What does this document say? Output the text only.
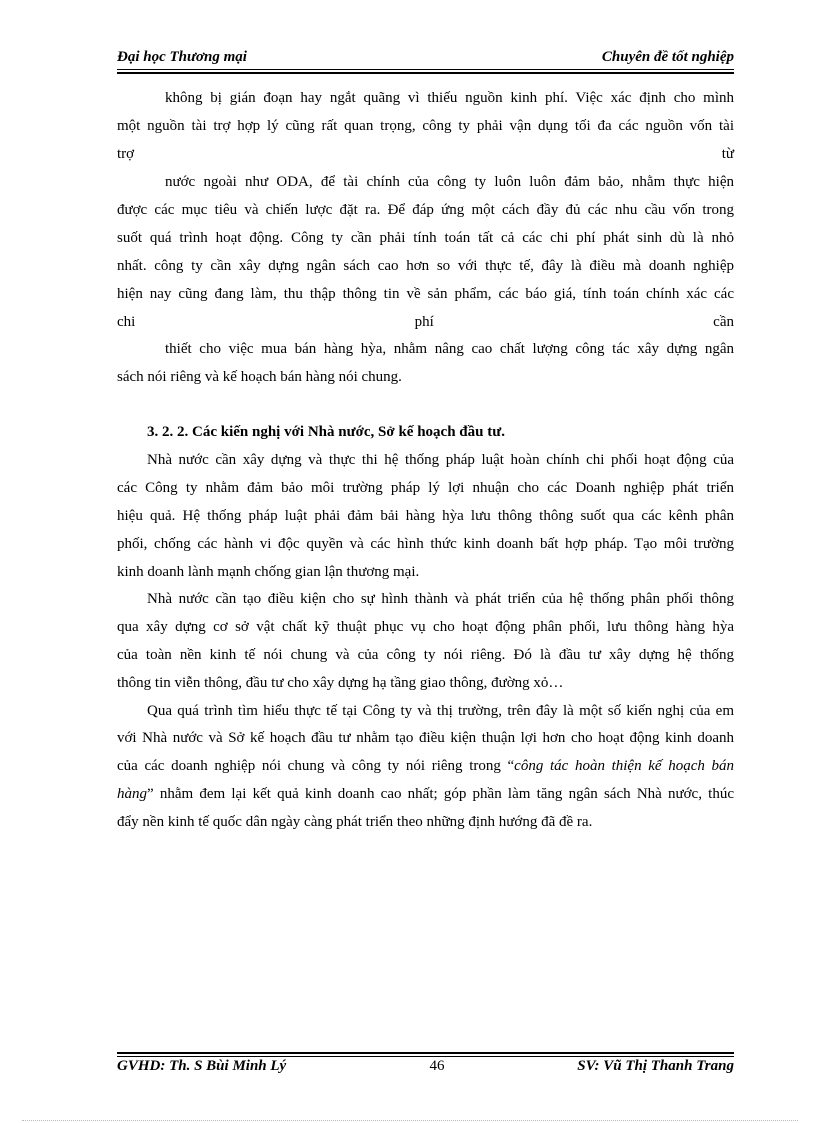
Đại học Thương mại	Chuyên đề tốt nghiệp
không bị gián đoạn hay ngắt quãng vì thiếu nguồn kinh phí. Việc xác định cho mình
một nguồn tài trợ hợp lý cũng rất quan trọng, công ty phải vận dụng tối đa các nguồn vốn tài
trợ từ
nước ngoài như ODA, để tài chính của công ty luôn luôn đảm bảo, nhằm thực hiện
được các mục tiêu và chiến lược đặt ra. Để đáp ứng một cách đầy đủ các nhu cầu vốn trong
suốt quá trình hoạt động. Công ty cần phải tính toán tất cả các chi phí phát sinh dù là nhỏ
nhất. công ty cần xây dựng ngân sách cao hơn so với thực tế, đây là điều mà doanh nghiệp
hiện nay cũng đang làm, thu thập thông tin về sản phẩm, các báo giá, tính toán chính xác các
chi phí cần
thiết cho việc mua bán hàng hỳa, nhằm nâng cao chất lượng công tác xây dựng ngân
sách nói riêng và kế hoạch bán hàng nói chung.
3. 2. 2. Các kiến nghị với Nhà nước, Sở kế hoạch đầu tư.
Nhà nước cần xây dựng và thực thi hệ thống pháp luật hoàn chính chi phối hoạt động của
các Công ty nhằm đảm bảo môi trường pháp lý lợi nhuận cho các Doanh nghiệp phát triển
hiệu quả. Hệ thống pháp luật phải đảm bải hàng hỳa lưu thông thông suốt qua các kênh phân
phối, chống các hành vi độc quyền và các hình thức kinh doanh bất hợp pháp. Tạo môi trường
kinh doanh lành mạnh chống gian lận thương mại.
Nhà nước cần tạo điều kiện cho sự hình thành và phát triển của hệ thống phân phối thông
qua xây dựng cơ sở vật chất kỹ thuật phục vụ cho hoạt động phân phối, lưu thông hàng hỳa
của toàn nền kinh tế nói chung và của công ty nói riêng. Đó là đầu tư xây dựng hệ thống
thông tin viễn thông, đầu tư cho xây dựng hạ tầng giao thông, đường xỏ…
Qua quá trình tìm hiểu thực tế tại Công ty và thị trường, trên đây là một số kiến nghị của em
với Nhà nước và Sở kế hoạch đầu tư nhằm tạo điều kiện thuận lợi hơn cho hoạt động kinh doanh
của các doanh nghiệp nói chung và công ty nói riêng trong “công tác hoàn thiện kế hoạch bán
hàng” nhằm đem lại kết quả kinh doanh cao nhất; góp phần làm tăng ngân sách Nhà nước, thúc
đẩy nền kinh tế quốc dân ngày càng phát triển theo những định hướng đã đề ra.
GVHD: Th. S Bùi Minh Lý	46	SV: Vũ Thị Thanh Trang
